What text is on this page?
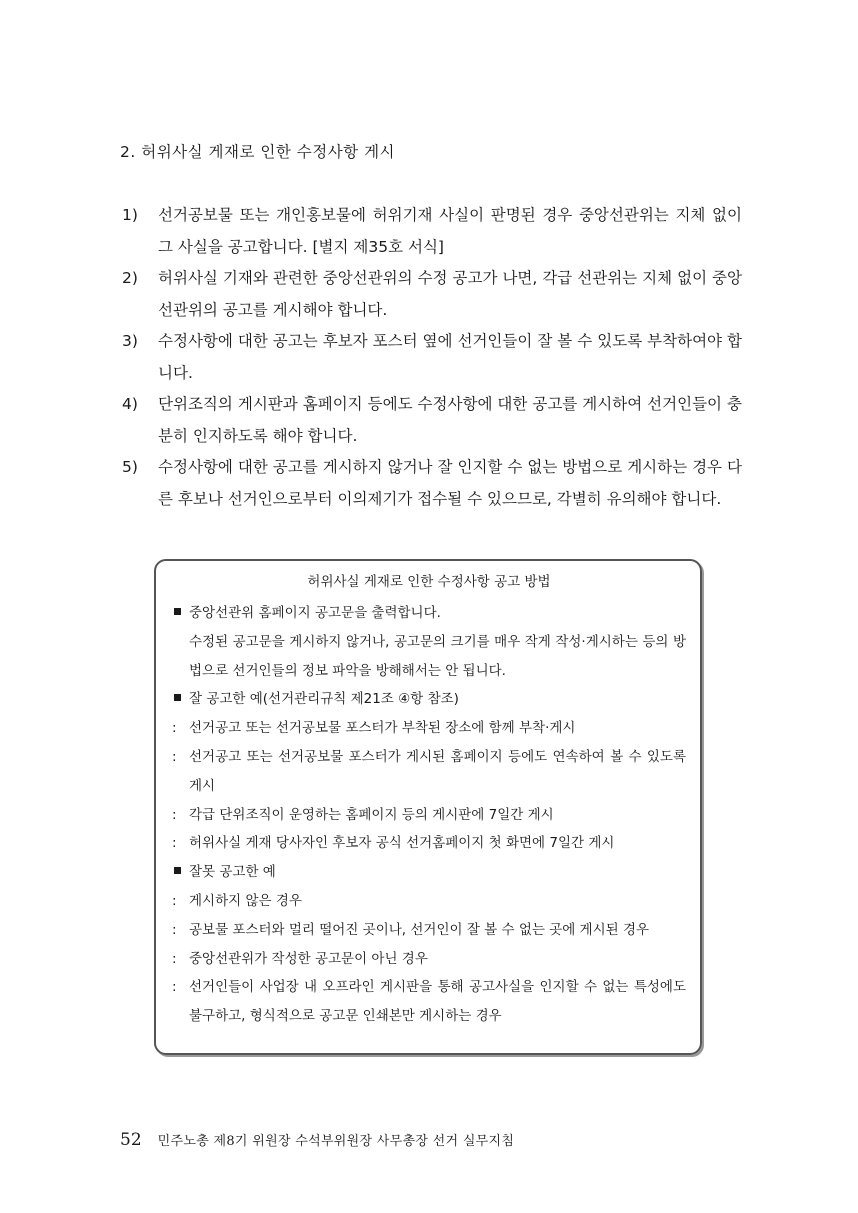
2. 허위사실 게재로 인한 수정사항 게시
1)	선거공보물 또는 개인홍보물에 허위기재 사실이 판명된 경우 중앙선관위는 지체 없이 그 사실을 공고합니다. [별지 제35호 서식]
2)	허위사실 기재와 관련한 중앙선관위의 수정 공고가 나면, 각급 선관위는 지체 없이 중앙선관위의 공고를 게시해야 합니다.
3)	수정사항에 대한 공고는 후보자 포스터 옆에 선거인들이 잘 볼 수 있도록 부착하여야 합니다.
4)	단위조직의 게시판과 홈페이지 등에도 수정사항에 대한 공고를 게시하여 선거인들이 충분히 인지하도록 해야 합니다.
5)	수정사항에 대한 공고를 게시하지 않거나 잘 인지할 수 없는 방법으로 게시하는 경우 다른 후보나 선거인으로부터 이의제기가 접수될 수 있으므로, 각별히 유의해야 합니다.
허위사실 게재로 인한 수정사항 공고 방법
중앙선관위 홈페이지 공고문을 출력합니다.
수정된 공고문을 게시하지 않거나, 공고문의 크기를 매우 작게 작성·게시하는 등의 방법으로 선거인들의 정보 파악을 방해해서는 안 됩니다.
잘 공고한 예(선거관리규칙 제21조 ④항 참조)
: 선거공고 또는 선거공보물 포스터가 부착된 장소에 함께 부착·게시
: 선거공고 또는 선거공보물 포스터가 게시된 홈페이지 등에도 연속하여 볼 수 있도록 게시
: 각급 단위조직이 운영하는 홈페이지 등의 게시판에 7일간 게시
: 허위사실 게재 당사자인 후보자 공식 선거홈페이지 첫 화면에 7일간 게시
잘못 공고한 예
: 게시하지 않은 경우
: 공보물 포스터와 멀리 떨어진 곳이나, 선거인이 잘 볼 수 없는 곳에 게시된 경우
: 중앙선관위가 작성한 공고문이 아닌 경우
: 선거인들이 사업장 내 오프라인 게시판을 통해 공고사실을 인지할 수 없는 특성에도 불구하고, 형식적으로 공고문 인쇄본만 게시하는 경우
52 민주노총 제8기 위원장 수석부위원장 사무총장 선거 실무지침
